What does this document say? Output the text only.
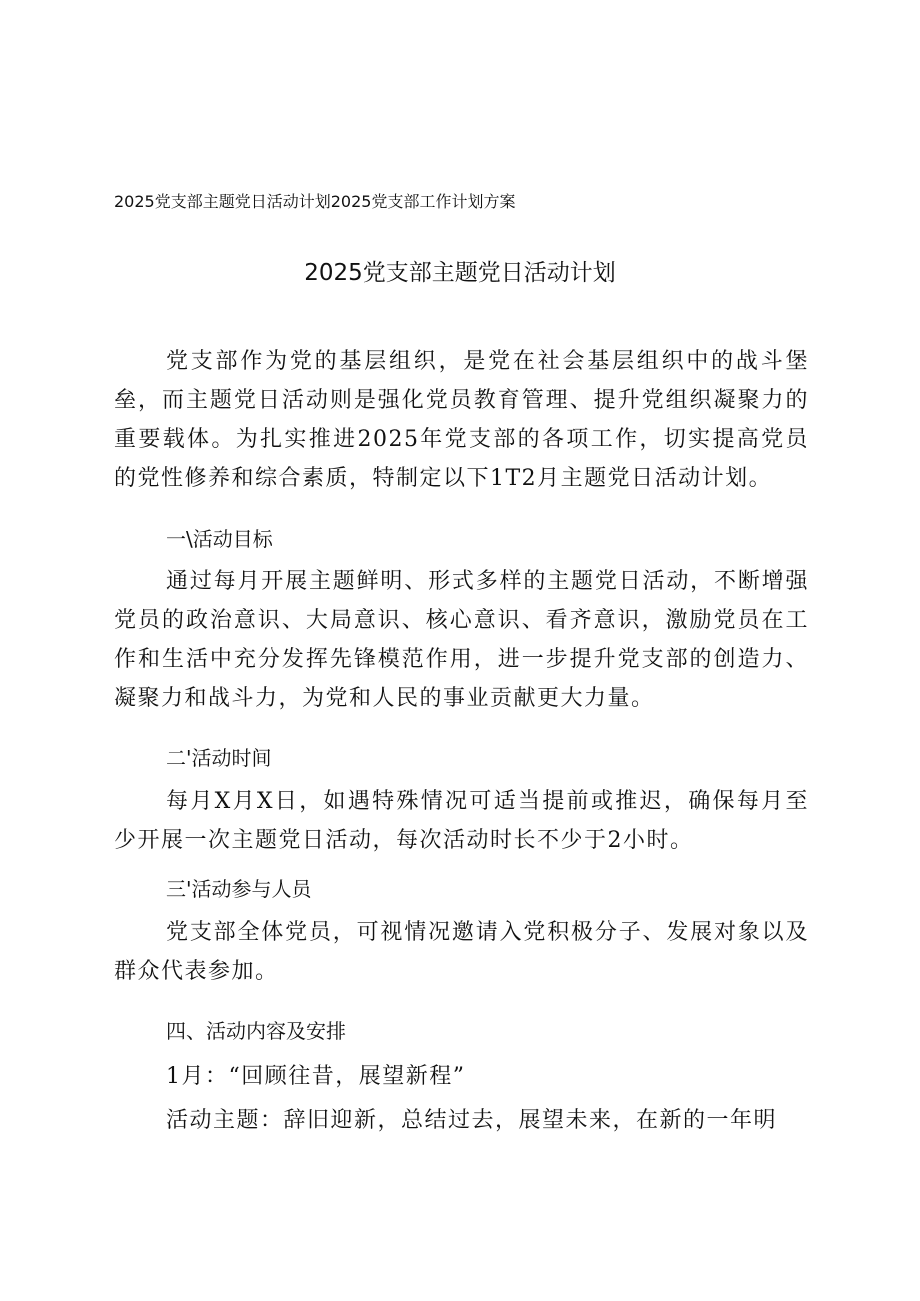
2025党支部主题党日活动计划2025党支部工作计划方案
2025党支部主题党日活动计划

党支部作为党的基层组织，是党在社会基层组织中的战斗堡垒，而主题党日活动则是强化党员教育管理、提升党组织凝聚力的重要载体。为扎实推进2025年党支部的各项工作，切实提高党员的党性修养和综合素质，特制定以下1T2月主题党日活动计划。

一\活动目标

通过每月开展主题鲜明、形式多样的主题党日活动，不断增强党员的政治意识、大局意识、核心意识、看齐意识，激励党员在工作和生活中充分发挥先锋模范作用，进一步提升党支部的创造力、凝聚力和战斗力，为党和人民的事业贡献更大力量。

二'活动时间

每月X月X日，如遇特殊情况可适当提前或推迟，确保每月至少开展一次主题党日活动，每次活动时长不少于2小时。

三'活动参与人员

党支部全体党员，可视情况邀请入党积极分子、发展对象以及群众代表参加。

四、活动内容及安排

1月：“回顾往昔，展望新程”

活动主题：辞旧迎新，总结过去，展望未来，在新的一年明
